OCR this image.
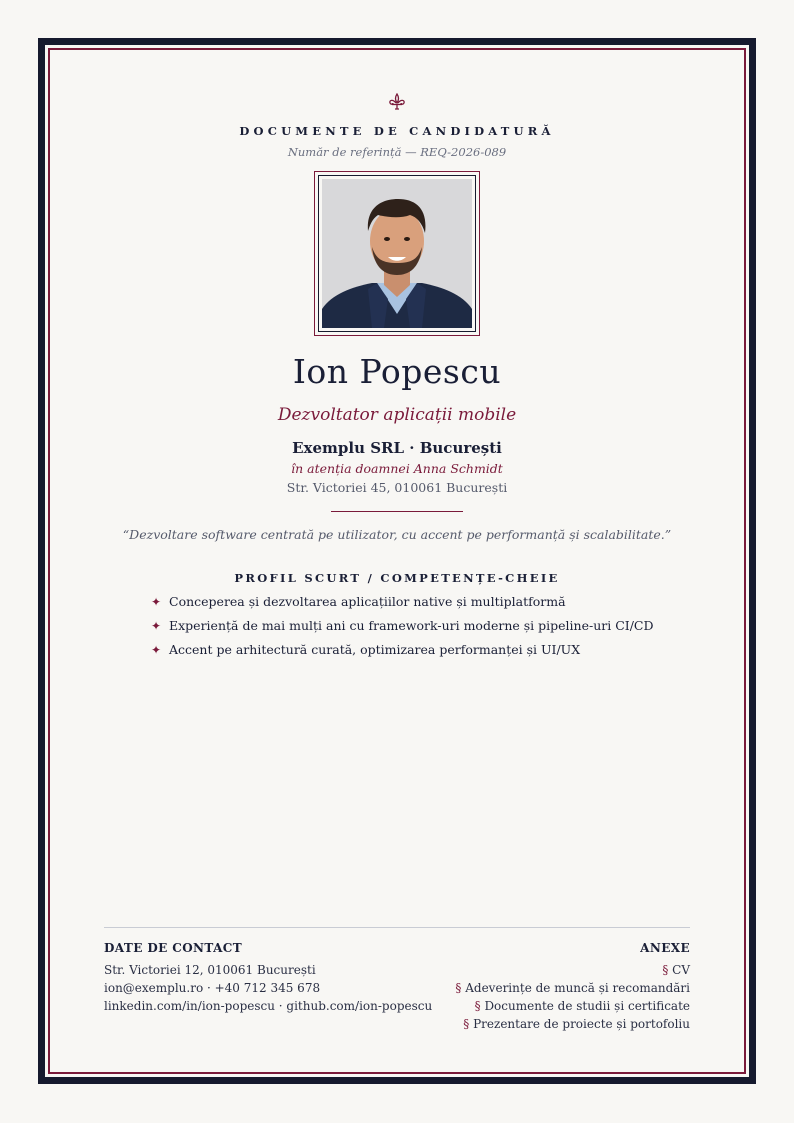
DOCUMENTE DE CANDIDATURĂ
Număr de referință — REQ-2026-089
Ion Popescu
Dezvoltator aplicații mobile
Exemplu SRL · București
în atenția doamnei Anna Schmidt
Str. Victoriei 45, 010061 București
“Dezvoltare software centrată pe utilizator, cu accent pe performanță și scalabilitate.”
PROFIL SCURT / COMPETENȚE-CHEIE
✦ Conceperea și dezvoltarea aplicațiilor native și multiplatformă
✦ Experiență de mai mulți ani cu framework-uri moderne și pipeline-uri CI/CD
✦ Accent pe arhitectură curată, optimizarea performanței și UI/UX
DATE DE CONTACT
Str. Victoriei 12, 010061 București
ion@exemplu.ro · +40 712 345 678
linkedin.com/in/ion-popescu · github.com/ion-popescu
ANEXE
§ CV
§ Adeverințe de muncă și recomandări
§ Documente de studii și certificate
§ Prezentare de proiecte și portofoliu
